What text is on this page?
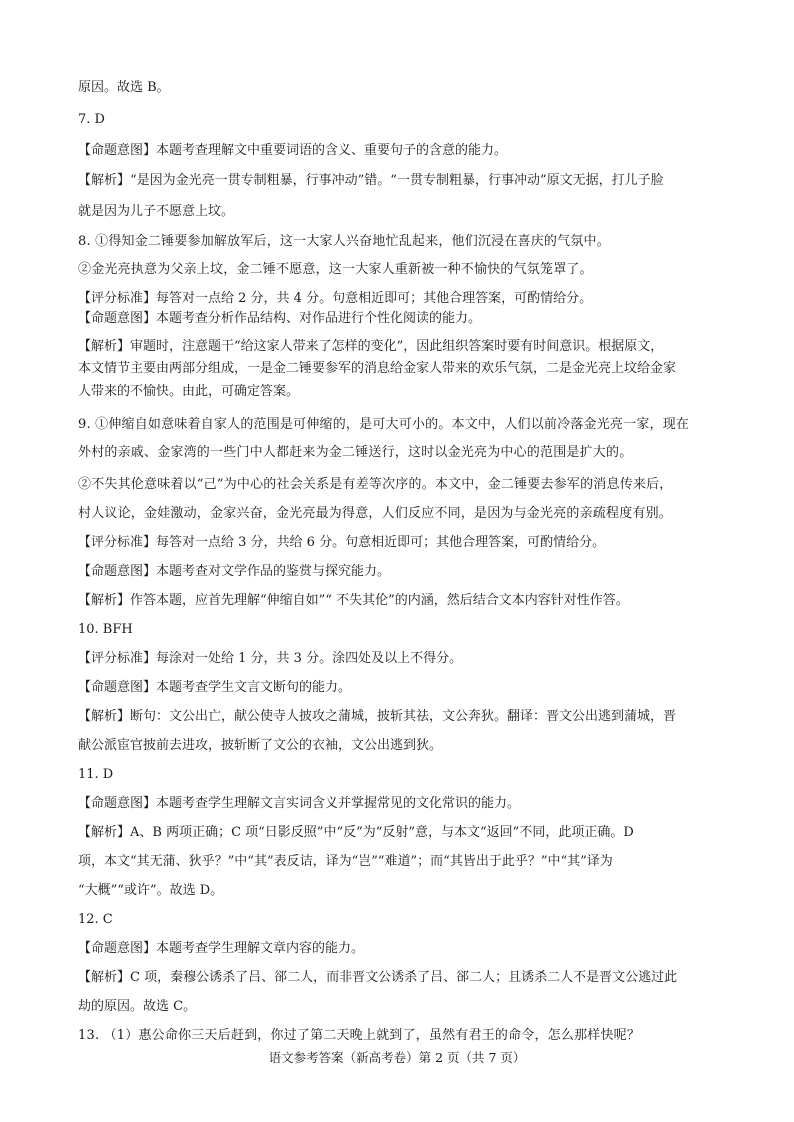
原因。故选 B。
7. D
【命题意图】本题考查理解文中重要词语的含义、重要句子的含意的能力。
【解析】“是因为金光亮一贯专制粗暴，行事冲动”错。“一贯专制粗暴，行事冲动”原文无据，打儿子脸
就是因为儿子不愿意上坟。
8. ①得知金二锤要参加解放军后，这一大家人兴奋地忙乱起来，他们沉浸在喜庆的气氛中。
②金光亮执意为父亲上坟，金二锤不愿意，这一大家人重新被一种不愉快的气氛笼罩了。
【评分标准】每答对一点给 2 分，共 4 分。句意相近即可；其他合理答案，可酌情给分。
【命题意图】本题考查分析作品结构、对作品进行个性化阅读的能力。
【解析】审题时，注意题干“给这家人带来了怎样的变化”，因此组织答案时要有时间意识。根据原文，
本文情节主要由两部分组成，一是金二锤要参军的消息给金家人带来的欢乐气氛，二是金光亮上坟给金家
人带来的不愉快。由此，可确定答案。
9. ①伸缩自如意味着自家人的范围是可伸缩的，是可大可小的。本文中，人们以前冷落金光亮一家，现在
外村的亲戚、金家湾的一些门中人都赶来为金二锤送行，这时以金光亮为中心的范围是扩大的。
②不失其伦意味着以“己”为中心的社会关系是有差等次序的。本文中，金二锤要去参军的消息传来后，
村人议论，金娃激动，金家兴奋，金光亮最为得意，人们反应不同，是因为与金光亮的亲疏程度有别。
【评分标准】每答对一点给 3 分，共给 6 分。句意相近即可；其他合理答案，可酌情给分。
【命题意图】本题考查对文学作品的鉴赏与探究能力。
【解析】作答本题，应首先理解“伸缩自如”“ 不失其伦”的内涵，然后结合文本内容针对性作答。
10. BFH
【评分标准】每涂对一处给 1 分，共 3 分。涂四处及以上不得分。
【命题意图】本题考查学生文言文断句的能力。
【解析】断句：文公出亡，献公使寺人披攻之蒲城，披斩其祛，文公奔狄。翻译：晋文公出逃到蒲城，晋
献公派宦官披前去进攻，披斩断了文公的衣袖，文公出逃到狄。
11. D
【命题意图】本题考查学生理解文言实词含义并掌握常见的文化常识的能力。
【解析】A、B 两项正确；C 项“日影反照”中“反”为“反射”意，与本文“返回”不同，此项正确。D
项，本文“其无蒲、狄乎？”中“其”表反诘，译为“岂”“难道”；而“其皆出于此乎？”中“其”译为
“大概”“或许”。故选 D。
12. C
【命题意图】本题考查学生理解文章内容的能力。
【解析】C 项，秦穆公诱杀了吕、郤二人，而非晋文公诱杀了吕、郤二人；且诱杀二人不是晋文公逃过此
劫的原因。故选 C。
13. （1）惠公命你三天后赶到，你过了第二天晚上就到了，虽然有君王的命令，怎么那样快呢？
语文参考答案（新高考卷）第 2 页（共 7 页）
